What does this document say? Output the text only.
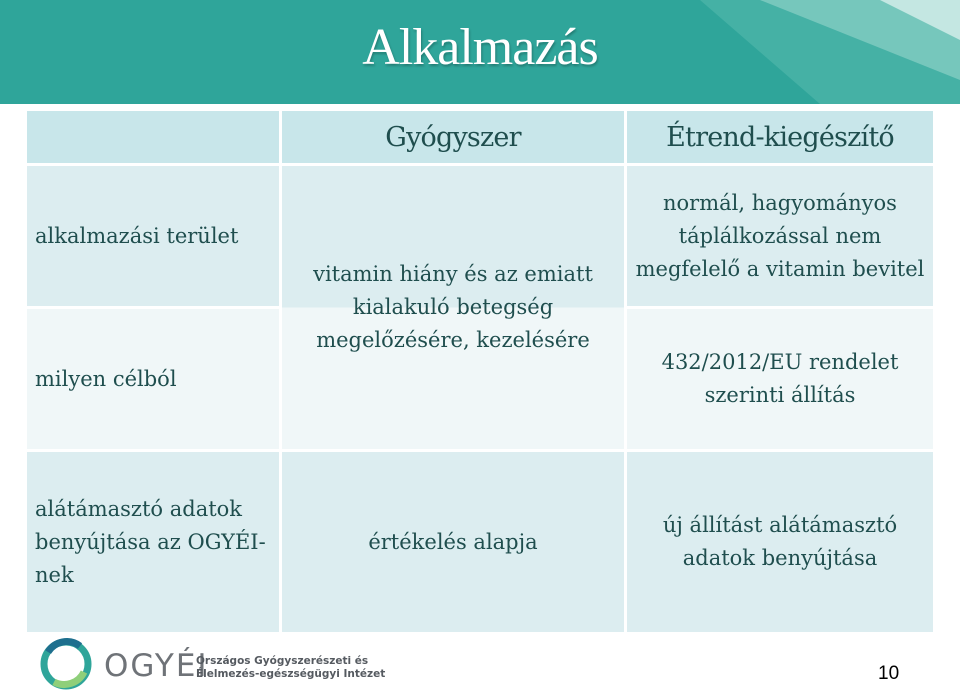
Alkalmazás
Gyógyszer	Étrend-kiegészítő
alkalmazási terület
vitamin hiány és az emiatt kialakuló betegség megelőzésére, kezelésére
normál, hagyományos táplálkozással nem megfelelő a vitamin bevitel
milyen célból
432/2012/EU rendelet szerinti állítás
alátámasztó adatok benyújtása az OGYÉI-nek
értékelés alapja
új állítást alátámasztó adatok benyújtása
OGYÉI
Országos Gyógyszerészeti és
Élelmezés-egészségügyi Intézet	10
